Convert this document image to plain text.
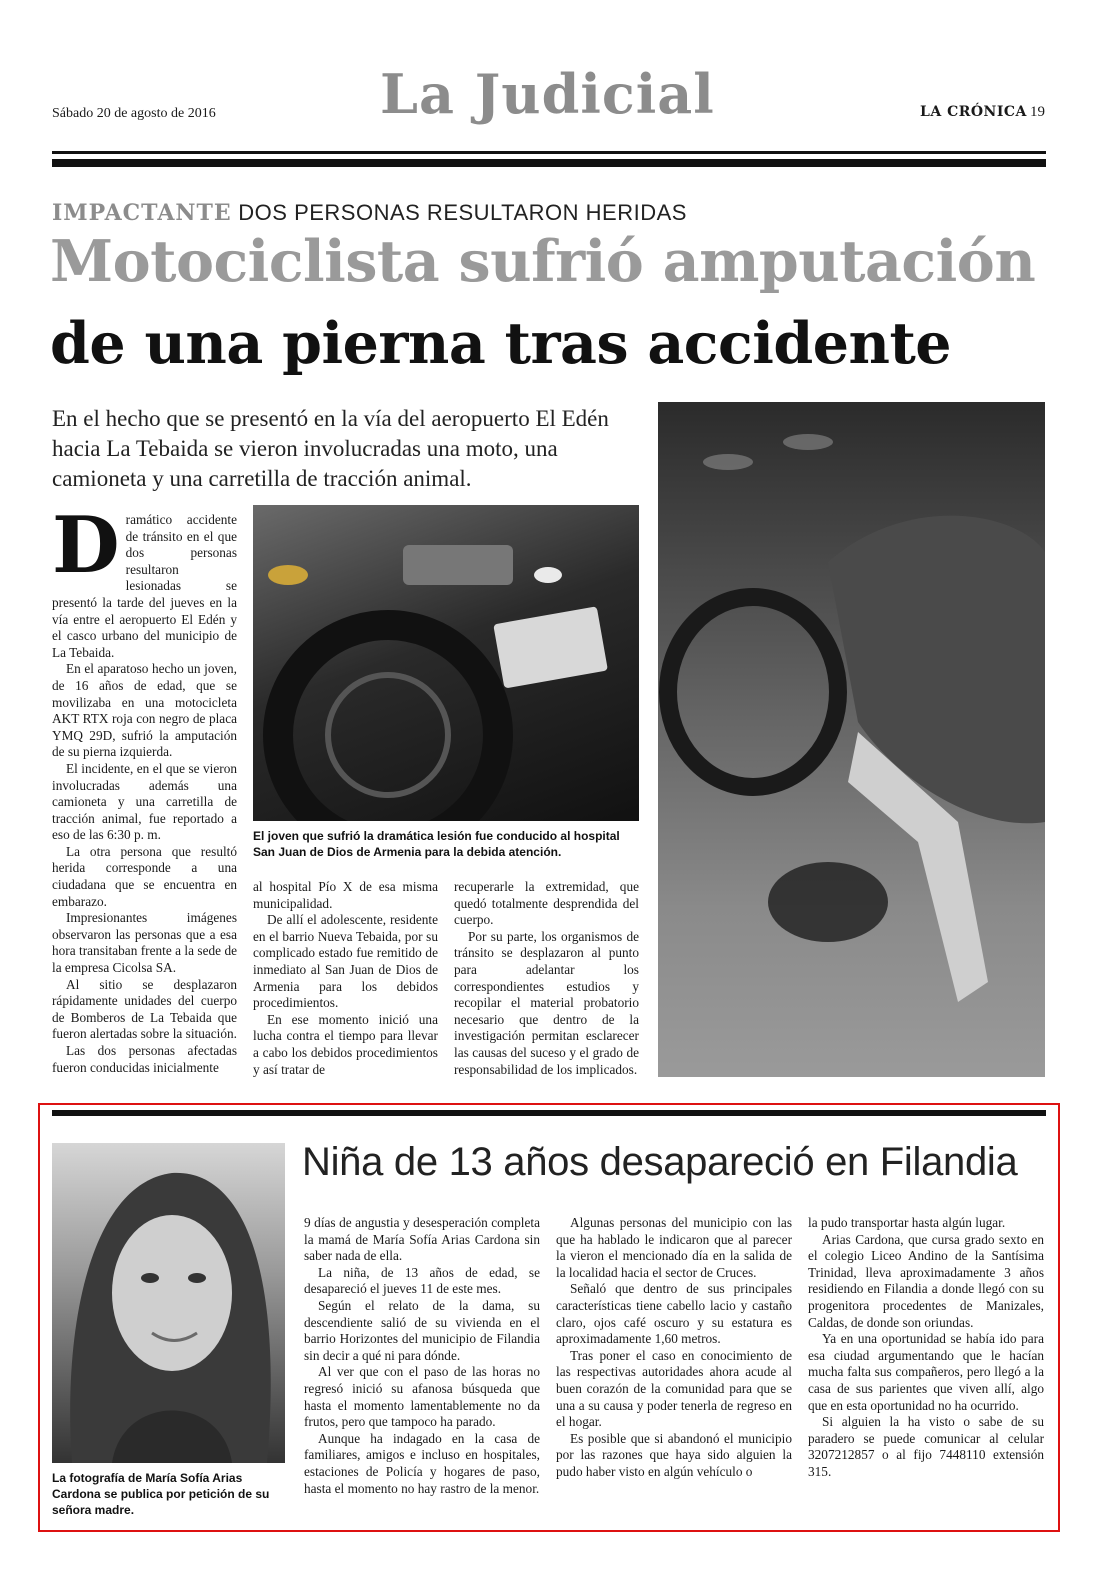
Sábado 20 de agosto de 2016	La Judicial	LA CRÓNICA 19
IMPACTANTE DOS PERSONAS RESULTARON HERIDAS
Motociclista sufrió amputación
de una pierna tras accidente
En el hecho que se presentó en la vía del aeropuerto El Edén hacia La Tebaida se vieron involucradas una moto, una camioneta y una carretilla de tracción animal.
El joven que sufrió la dramática lesión fue conducido al hospital San Juan de Dios de Armenia para la debida atención.
D ramático accidente de tránsito en el que dos personas resultaron lesionadas se presentó la tarde del jueves en la vía entre el aeropuerto El Edén y el casco urbano del municipio de La Tebaida.

En el aparatoso hecho un joven, de 16 años de edad, que se movilizaba en una motocicleta AKT RTX roja con negro de placa YMQ 29D, sufrió la amputación de su pierna izquierda.

El incidente, en el que se vieron involucradas además una camioneta y una carretilla de tracción animal, fue reportado a eso de las 6:30 p. m.

La otra persona que resultó herida corresponde a una ciudadana que se encuentra en embarazo.

Impresionantes imágenes observaron las personas que a esa hora transitaban frente a la sede de la empresa Cicolsa SA.

Al sitio se desplazaron rápidamente unidades del cuerpo de Bomberos de La Tebaida que fueron alertadas sobre la situación.

Las dos personas afectadas fueron conducidas inicialmente

al hospital Pío X de esa misma municipalidad.

De allí el adolescente, residente en el barrio Nueva Tebaida, por su complicado estado fue remitido de inmediato al San Juan de Dios de Armenia para los debidos procedimientos.

En ese momento inició una lucha contra el tiempo para llevar a cabo los debidos procedimientos y así tratar de

recuperarle la extremidad, que quedó totalmente desprendida del cuerpo.

Por su parte, los organismos de tránsito se desplazaron al punto para adelantar los correspondientes estudios y recopilar el material probatorio necesario que dentro de la investigación permitan esclarecer las causas del suceso y el grado de responsabilidad de los implicados.

Niña de 13 años desapareció en Filandia
La fotografía de María Sofía Arias Cardona se publica por petición de su señora madre.

9 días de angustia y desesperación completa la mamá de María Sofía Arias Cardona sin saber nada de ella.

La niña, de 13 años de edad, se desapareció el jueves 11 de este mes.

Según el relato de la dama, su descendiente salió de su vivienda en el barrio Horizontes del municipio de Filandia sin decir a qué ni para dónde.

Al ver que con el paso de las horas no regresó inició su afanosa búsqueda que hasta el momento lamentablemente no da frutos, pero que tampoco ha parado.

Aunque ha indagado en la casa de familiares, amigos e incluso en hospitales, estaciones de Policía y hogares de paso, hasta el momento no hay rastro de la menor.

Algunas personas del municipio con las que ha hablado le indicaron que al parecer la vieron el mencionado día en la salida de la localidad hacia el sector de Cruces.

Señaló que dentro de sus principales características tiene cabello lacio y castaño claro, ojos café oscuro y su estatura es aproximadamente 1,60 metros.

Tras poner el caso en conocimiento de las respectivas autoridades ahora acude al buen corazón de la comunidad para que se una a su causa y poder tenerla de regreso en el hogar.

Es posible que si abandonó el municipio por las razones que haya sido alguien la pudo haber visto en algún vehículo o

la pudo transportar hasta algún lugar.

Arias Cardona, que cursa grado sexto en el colegio Liceo Andino de la Santísima Trinidad, lleva aproximadamente 3 años residiendo en Filandia a donde llegó con su progenitora procedentes de Manizales, Caldas, de donde son oriundas.

Ya en una oportunidad se había ido para esa ciudad argumentando que le hacían mucha falta sus compañeros, pero llegó a la casa de sus parientes que viven allí, algo que en esta oportunidad no ha ocurrido.

Si alguien la ha visto o sabe de su paradero se puede comunicar al celular 3207212857 o al fijo 7448110 extensión 315.
